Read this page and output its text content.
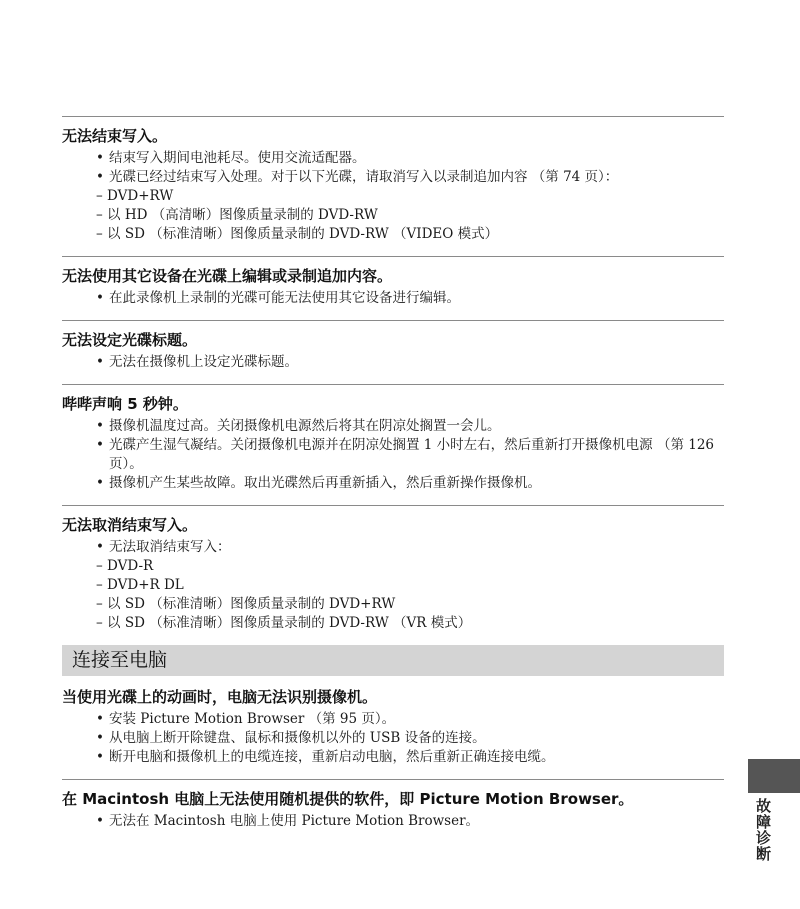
无法结束写入。
• 结束写入期间电池耗尽。使用交流适配器。
• 光碟已经过结束写入处理。对于以下光碟，请取消写入以录制追加内容 （第 74 页）：
– DVD+RW
– 以 HD （高清晰）图像质量录制的 DVD-RW
– 以 SD （标准清晰）图像质量录制的 DVD-RW （VIDEO 模式）
无法使用其它设备在光碟上编辑或录制追加内容。
• 在此录像机上录制的光碟可能无法使用其它设备进行编辑。
无法设定光碟标题。
• 无法在摄像机上设定光碟标题。
哔哔声响 5 秒钟。
• 摄像机温度过高。关闭摄像机电源然后将其在阴凉处搁置一会儿。
• 光碟产生湿气凝结。关闭摄像机电源并在阴凉处搁置 1 小时左右，然后重新打开摄像机电源 （第 126 页）。
• 摄像机产生某些故障。取出光碟然后再重新插入，然后重新操作摄像机。
无法取消结束写入。
• 无法取消结束写入：
– DVD-R
– DVD+R DL
– 以 SD （标准清晰）图像质量录制的 DVD+RW
– 以 SD （标准清晰）图像质量录制的 DVD-RW （VR 模式）
连接至电脑
当使用光碟上的动画时，电脑无法识别摄像机。
• 安装 Picture Motion Browser （第 95 页）。
• 从电脑上断开除键盘、鼠标和摄像机以外的 USB 设备的连接。
• 断开电脑和摄像机上的电缆连接，重新启动电脑，然后重新正确连接电缆。
在 Macintosh 电脑上无法使用随机提供的软件，即 Picture Motion Browser。
• 无法在 Macintosh 电脑上使用 Picture Motion Browser。	故障诊断
